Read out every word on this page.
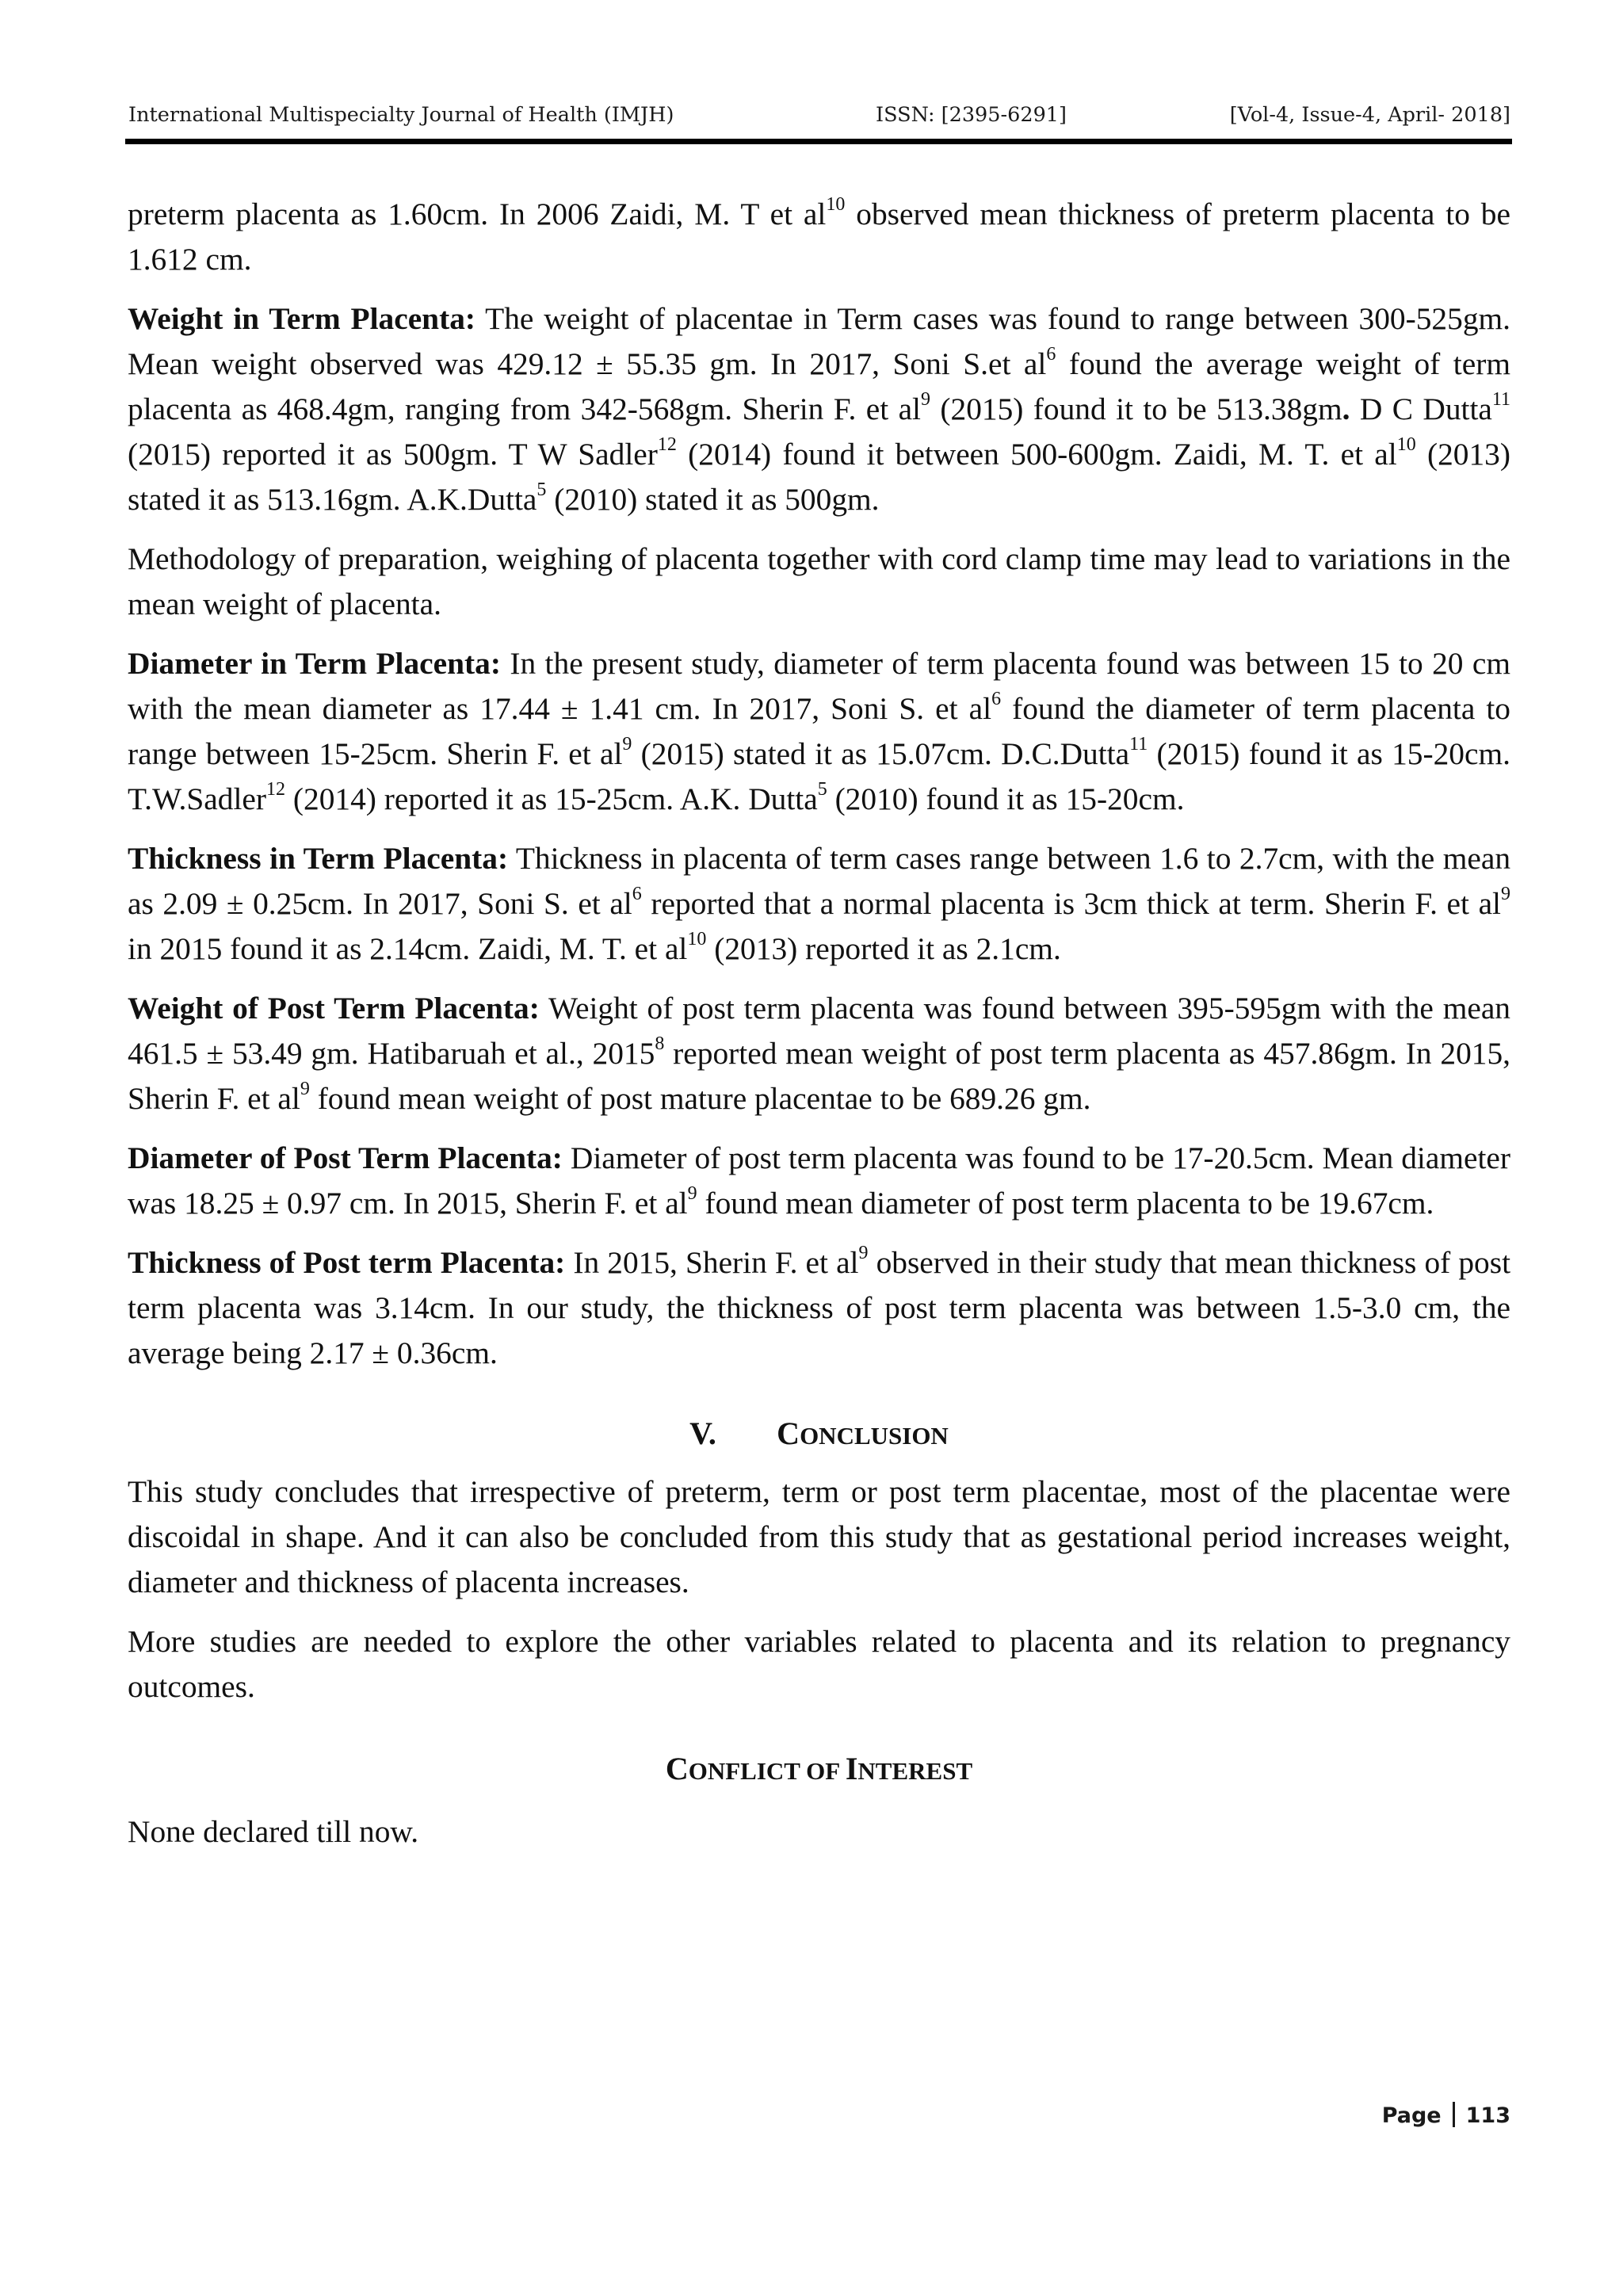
International Multispecialty Journal of Health (IMJH)	ISSN: [2395-6291]	[Vol-4, Issue-4, April- 2018]

preterm placenta as 1.60cm. In 2006 Zaidi, M. T et $al^{10}$ observed mean thickness of preterm placenta to be 1.612 cm.

Weight in Term Placenta: The weight of placentae in Term cases was found to range between 300-525gm. Mean weight observed was 429.12 ± 55.35 gm. In 2017, Soni S.et $al^6$ found the average weight of term placenta as 468.4gm, ranging from 342-568gm. Sherin F. et $al^9$ (2015) found it to be 513.38gm. D C Dutta$^{11}$ (2015) reported it as 500gm. T W Sadler$^{12}$ (2014) found it between 500-600gm. Zaidi, M. T. et $al^{10}$ (2013) stated it as 513.16gm. A.K.Dutta$^5$ (2010) stated it as 500gm.

Methodology of preparation, weighing of placenta together with cord clamp time may lead to variations in the mean weight of placenta.

Diameter in Term Placenta: In the present study, diameter of term placenta found was between 15 to 20 cm with the mean diameter as 17.44 ± 1.41 cm. In 2017, Soni S. et $al^6$ found the diameter of term placenta to range between 15-25cm. Sherin F. et $al^9$ (2015) stated it as 15.07cm. D.C.Dutta$^{11}$ (2015) found it as 15-20cm. T.W.Sadler$^{12}$ (2014) reported it as 15-25cm. A.K. Dutta$^5$ (2010) found it as 15-20cm.

Thickness in Term Placenta: Thickness in placenta of term cases range between 1.6 to 2.7cm, with the mean as 2.09 ± 0.25cm. In 2017, Soni S. et $al^6$ reported that a normal placenta is 3cm thick at term. Sherin F. et $al^9$ in 2015 found it as 2.14cm. Zaidi, M. T. et $al^{10}$ (2013) reported it as 2.1cm.

Weight of Post Term Placenta: Weight of post term placenta was found between 395-595gm with the mean 461.5 ± 53.49 gm. Hatibaruah et al., 2015$^8$ reported mean weight of post term placenta as 457.86gm. In 2015, Sherin F. et $al^9$ found mean weight of post mature placentae to be 689.26 gm.

Diameter of Post Term Placenta: Diameter of post term placenta was found to be 17-20.5cm. Mean diameter was 18.25 ± 0.97 cm. In 2015, Sherin F. et $al^9$ found mean diameter of post term placenta to be 19.67cm.

Thickness of Post term Placenta: In 2015, Sherin F. et $al^9$ observed in their study that mean thickness of post term placenta was 3.14cm. In our study, the thickness of post term placenta was between 1.5-3.0 cm, the average being 2.17 ± 0.36cm.

V. CONCLUSION

This study concludes that irrespective of preterm, term or post term placentae, most of the placentae were discoidal in shape. And it can also be concluded from this study that as gestational period increases weight, diameter and thickness of placenta increases.

More studies are needed to explore the other variables related to placenta and its relation to pregnancy outcomes.

CONFLICT OF INTEREST

None declared till now.

Page 113
